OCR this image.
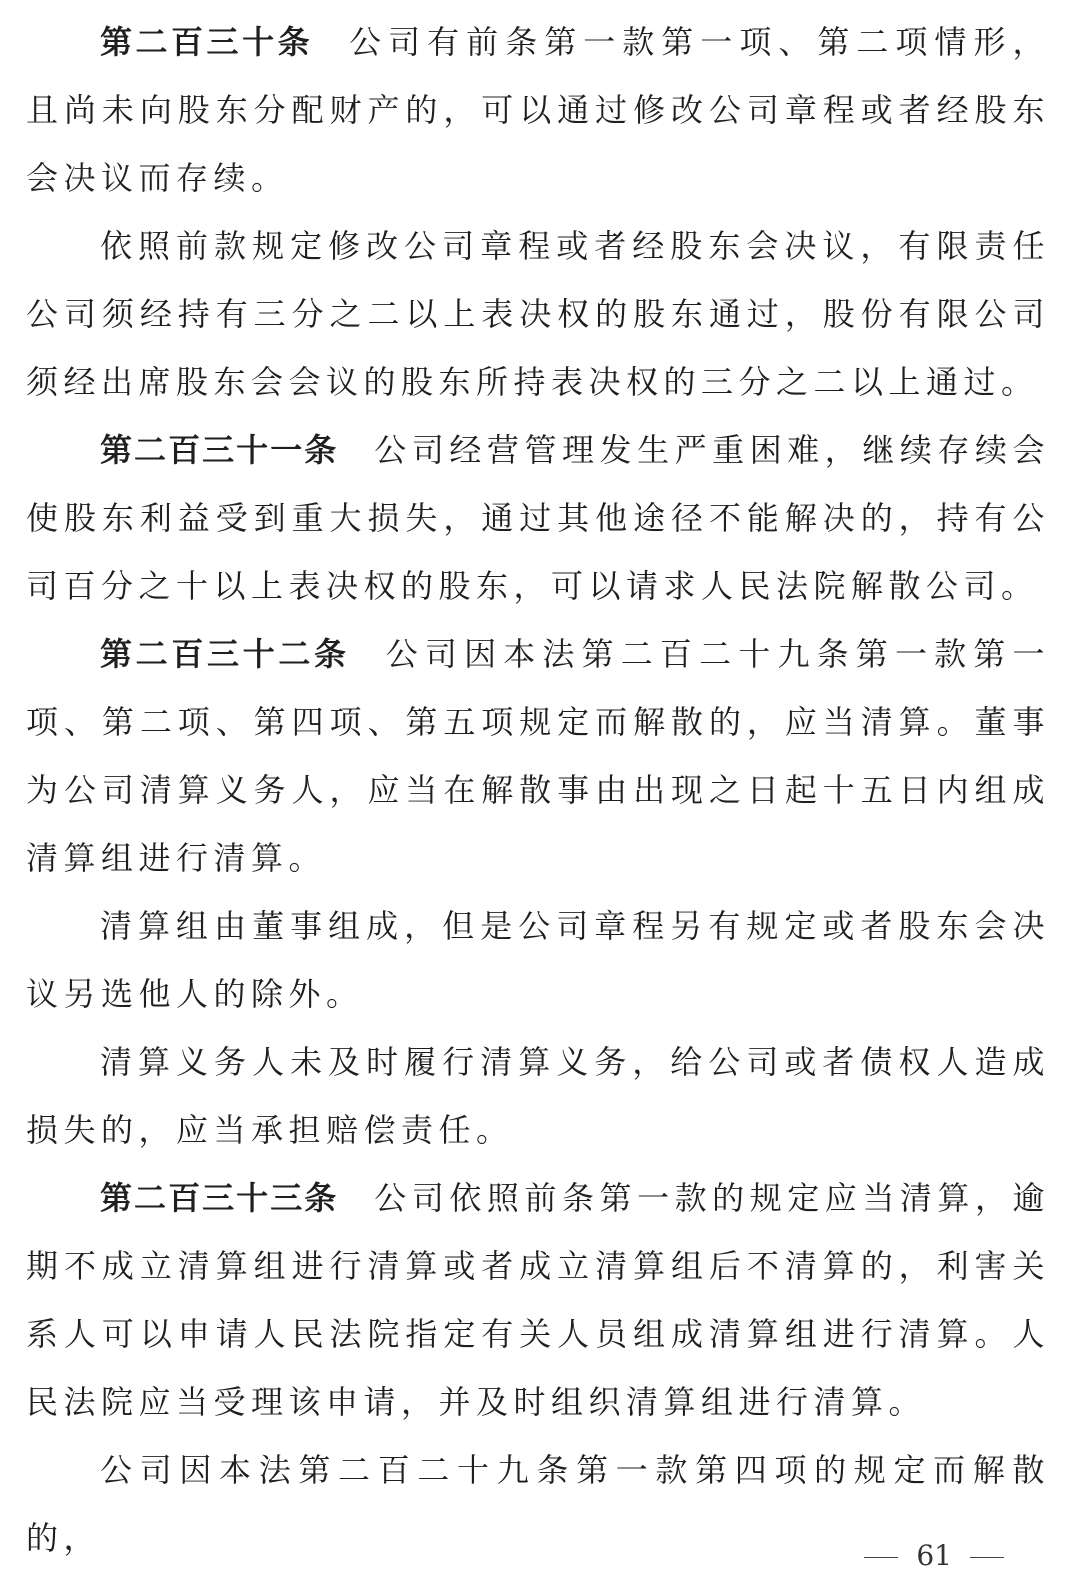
第二百三十条 公司有前条第一款第一项、第二项情形，且尚未向股东分配财产的，可以通过修改公司章程或者经股东会决议而存续。

依照前款规定修改公司章程或者经股东会决议，有限责任公司须经持有三分之二以上表决权的股东通过，股份有限公司须经出席股东会会议的股东所持表决权的三分之二以上通过。

第二百三十一条 公司经营管理发生严重困难，继续存续会使股东利益受到重大损失，通过其他途径不能解决的，持有公司百分之十以上表决权的股东，可以请求人民法院解散公司。

第二百三十二条 公司因本法第二百二十九条第一款第一项、第二项、第四项、第五项规定而解散的，应当清算。董事为公司清算义务人，应当在解散事由出现之日起十五日内组成清算组进行清算。

清算组由董事组成，但是公司章程另有规定或者股东会决议另选他人的除外。

清算义务人未及时履行清算义务，给公司或者债权人造成损失的，应当承担赔偿责任。

第二百三十三条 公司依照前条第一款的规定应当清算，逾期不成立清算组进行清算或者成立清算组后不清算的，利害关系人可以申请人民法院指定有关人员组成清算组进行清算。人民法院应当受理该申请，并及时组织清算组进行清算。

公司因本法第二百二十九条第一款第四项的规定而解散的，	61
